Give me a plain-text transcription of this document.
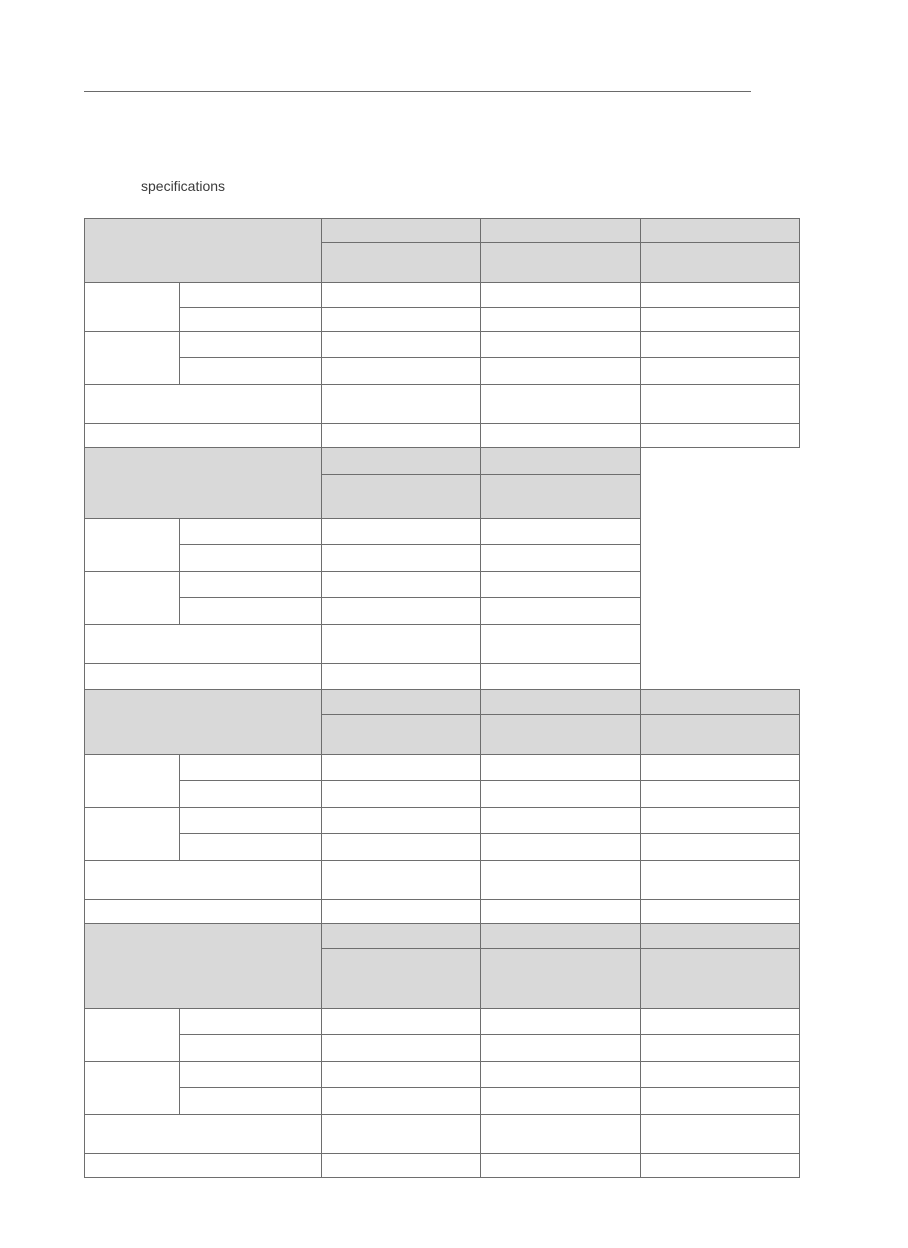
specifications
